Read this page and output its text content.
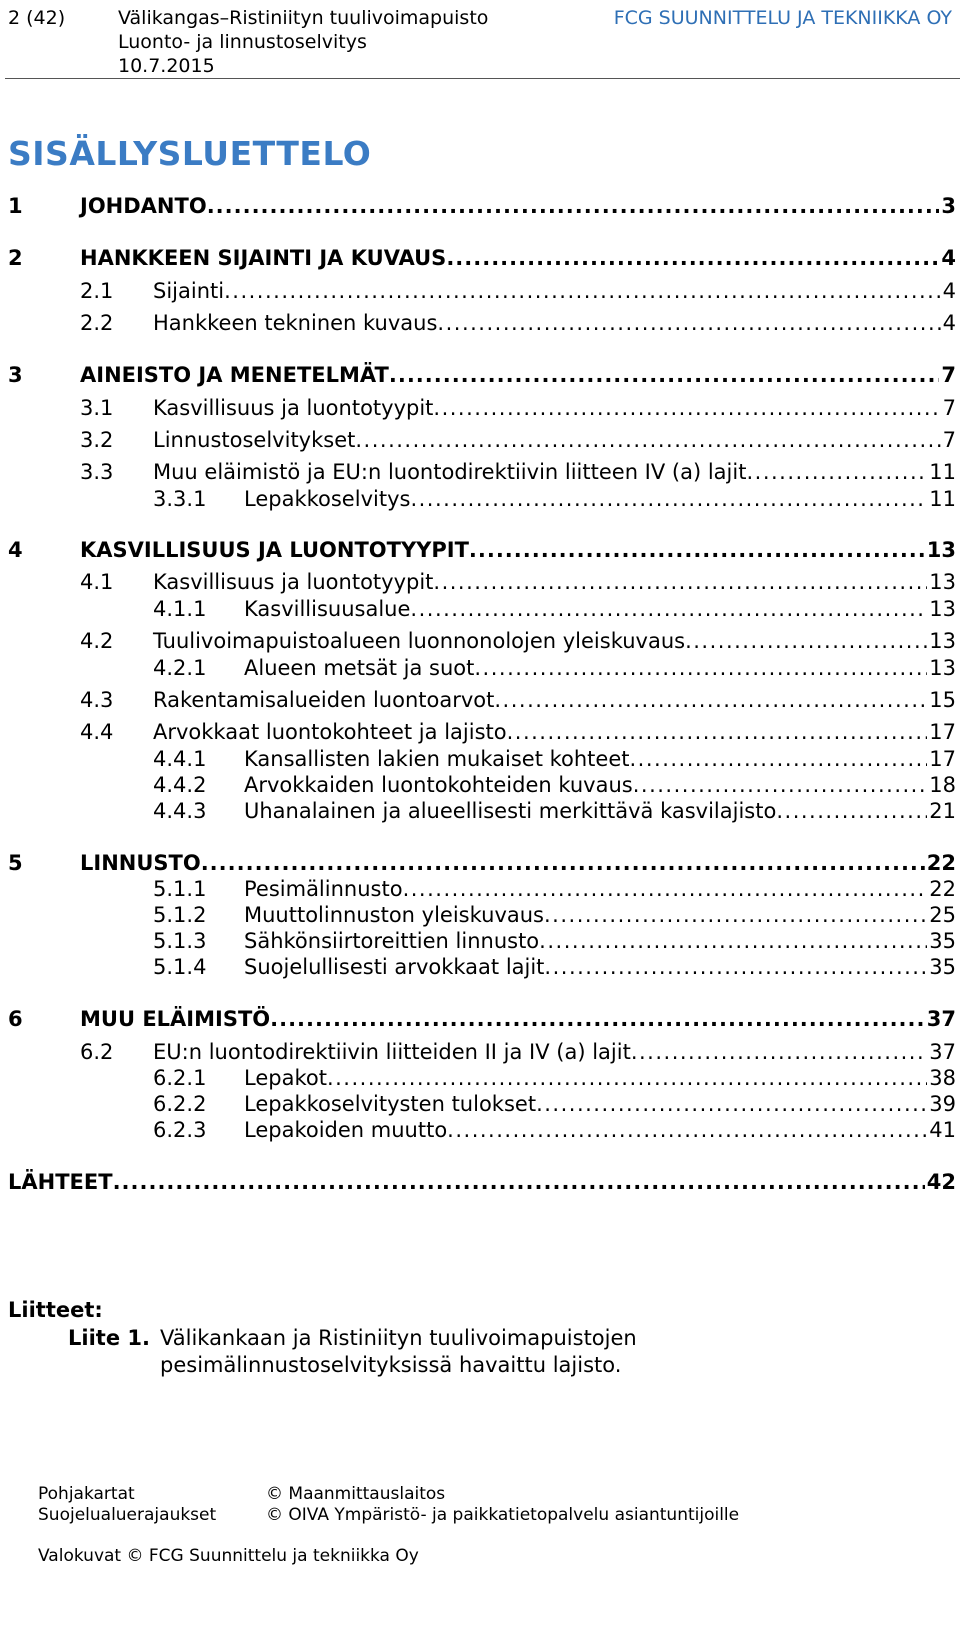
2 (42)	Välikangas–Ristiniityn tuulivoimapuisto
Luonto- ja linnustoselvitys
10.7.2015
FCG SUUNNITTELU JA TEKNIIKKA OY
SISÄLLYSLUETTELO
1	JOHDANTO .....	3
2	HANKKEEN SIJAINTI JA KUVAUS .....	4
2.1 Sijainti .....	4
2.2 Hankkeen tekninen kuvaus .....	4
3	AINEISTO JA MENETELMÄT .....	7
3.1 Kasvillisuus ja luontotyypit .....	7
3.2 Linnustoselvitykset .....	7
3.3 Muu eläimistö ja EU:n luontodirektiivin liitteen IV (a) lajit .....	11
3.3.1 Lepakkoselvitys .....	11
4	KASVILLISUUS JA LUONTOTYYPIT .....	13
4.1 Kasvillisuus ja luontotyypit .....	13
4.1.1 Kasvillisuusalue .....	13
4.2 Tuulivoimapuistoalueen luonnonolojen yleiskuvaus .....	13
4.2.1 Alueen metsät ja suot .....	13
4.3 Rakentamisalueiden luontoarvot .....	15
4.4 Arvokkaat luontokohteet ja lajisto .....	17
4.4.1 Kansallisten lakien mukaiset kohteet .....	17
4.4.2 Arvokkaiden luontokohteiden kuvaus .....	18
4.4.3 Uhanalainen ja alueellisesti merkittävä kasvilajisto .....	21
5	LINNUSTO .....	22
5.1.1 Pesimälinnusto .....	22
5.1.2 Muuttolinnuston yleiskuvaus .....	25
5.1.3 Sähkönsiirtoreittien linnusto .....	35
5.1.4 Suojelullisesti arvokkaat lajit .....	35
6	MUU ELÄIMISTÖ .....	37
6.2 EU:n luontodirektiivin liitteiden II ja IV (a) lajit .....	37
6.2.1 Lepakot .....	38
6.2.2 Lepakkoselvitysten tulokset .....	39
6.2.3 Lepakoiden muutto .....	41
LÄHTEET .....	42
Liitteet:
Liite 1. Välikankaan ja Ristiniityn tuulivoimapuistojen pesimälinnustoselvityksissä havaittu lajisto.
Pohjakartat	© Maanmittauslaitos
Suojelualuerajaukset	© OIVA Ympäristö- ja paikkatietopalvelu asiantuntijoille
Valokuvat © FCG Suunnittelu ja tekniikka Oy
